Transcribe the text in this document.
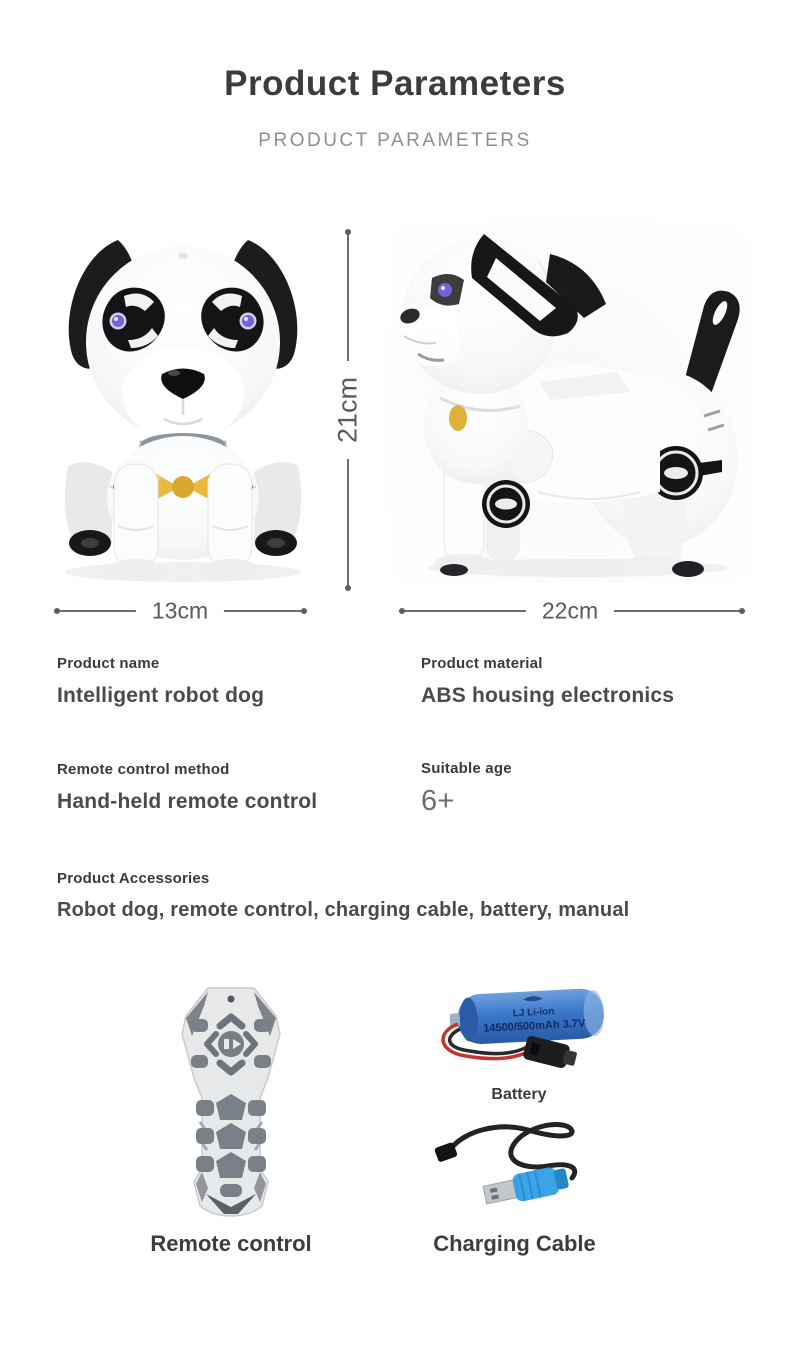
Product Parameters
PRODUCT PARAMETERS
21cm
13cm	22cm
Product name
Intelligent robot dog
Product material
ABS housing electronics
Remote control method
Hand-held remote control
Suitable age
6+
Product Accessories
Robot dog, remote control, charging cable, battery, manual
LJ Li-ion
14500/500mAh 3.7V
Battery
Remote control	Charging Cable
